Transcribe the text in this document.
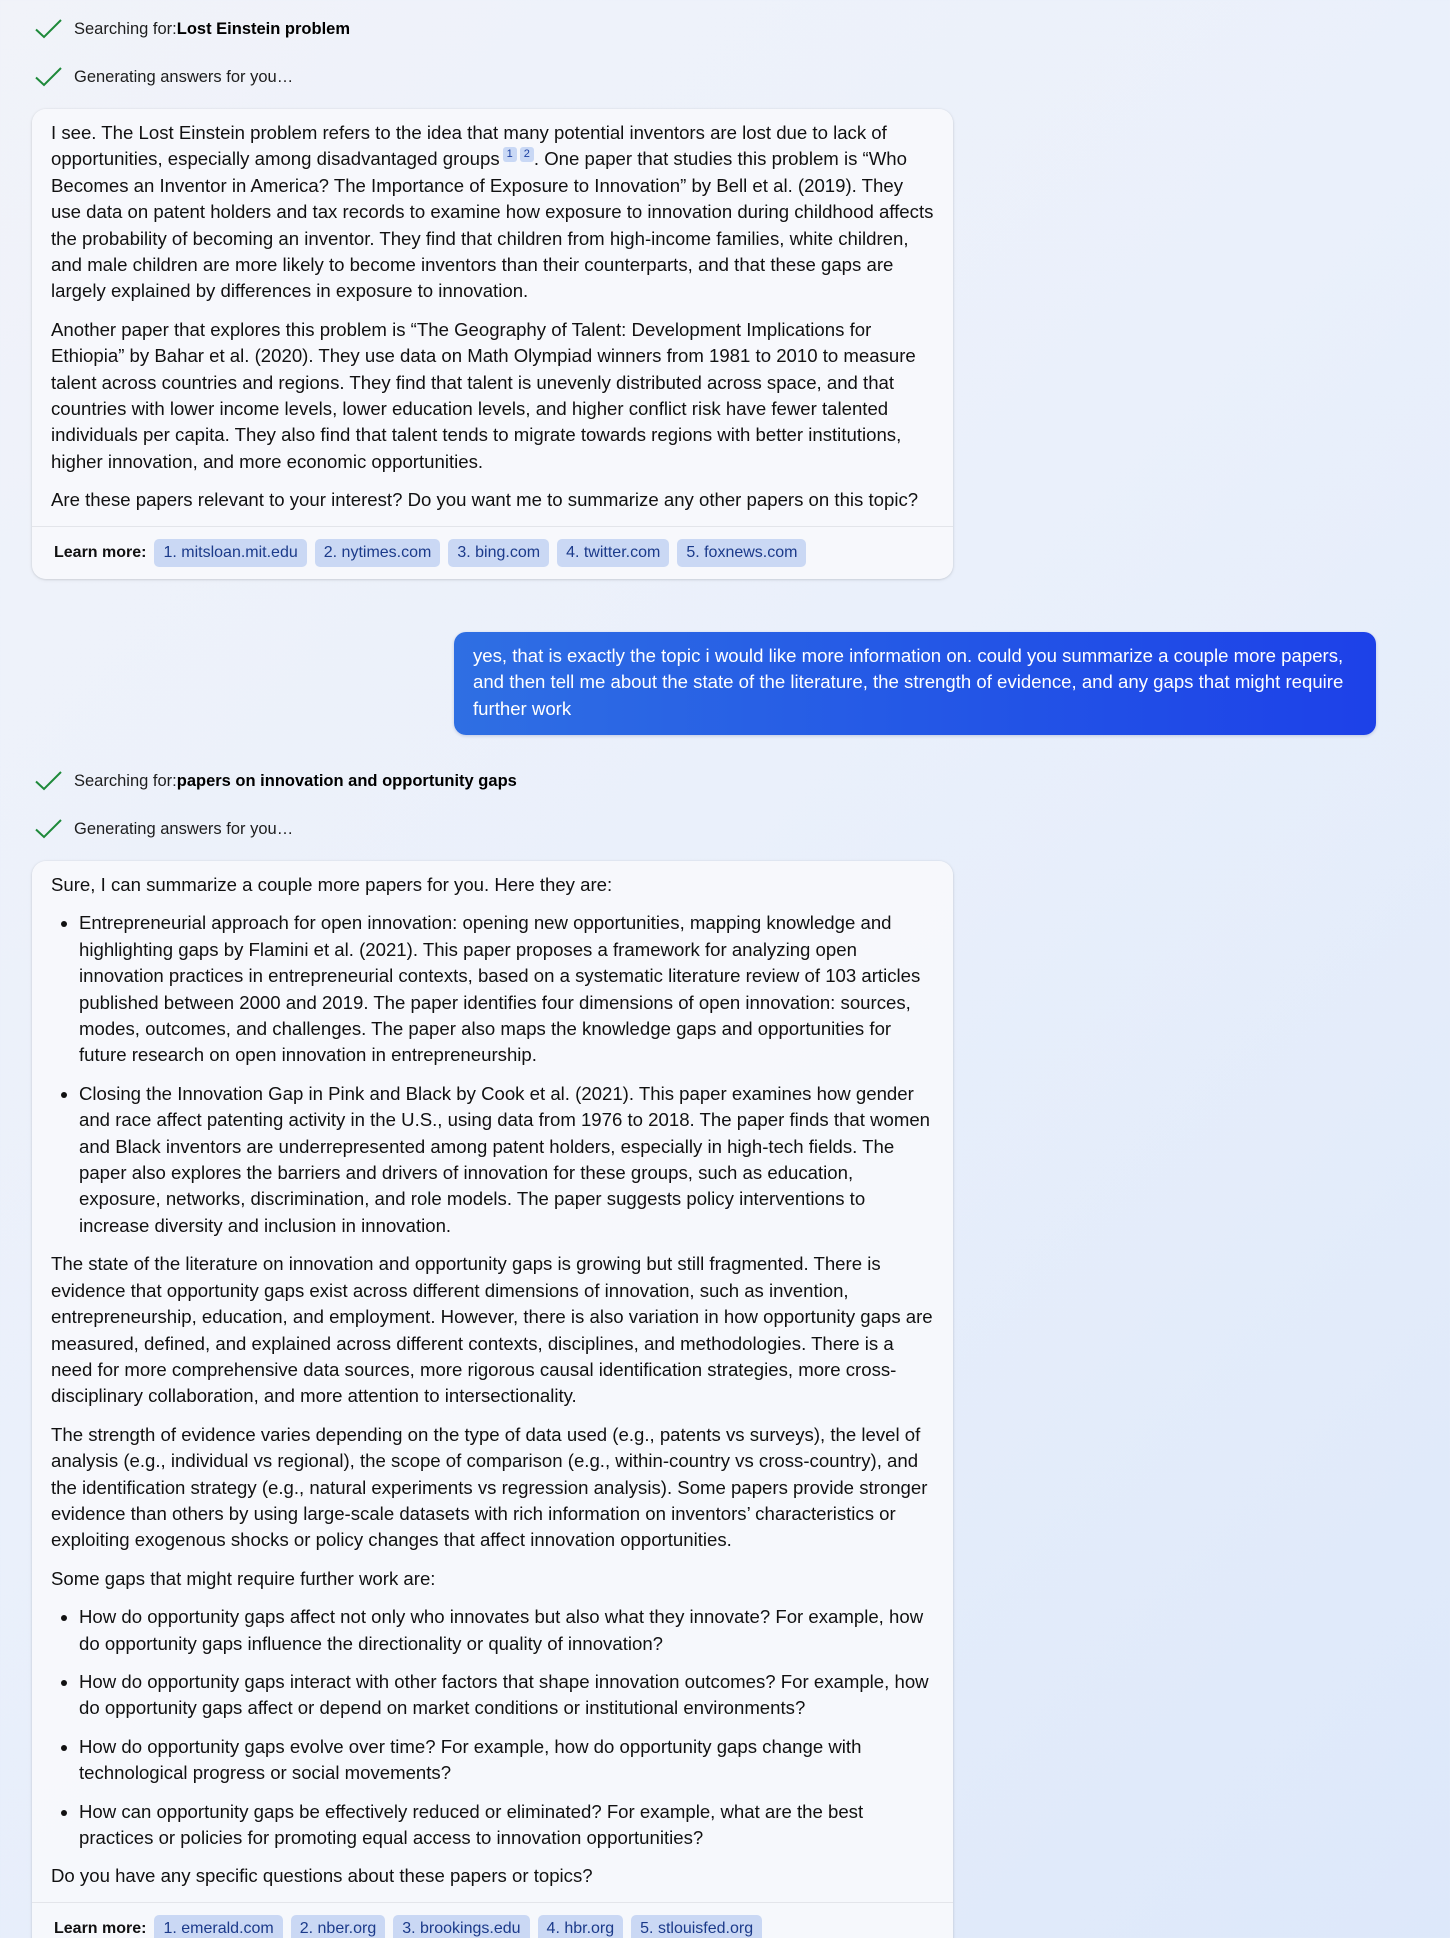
Searching for: Lost Einstein problem
Generating answers for you…

I see. The Lost Einstein problem refers to the idea that many potential inventors are lost due to lack of opportunities, especially among disadvantaged groups 1 2 . One paper that studies this problem is “Who Becomes an Inventor in America? The Importance of Exposure to Innovation” by Bell et al. (2019). They use data on patent holders and tax records to examine how exposure to innovation during childhood affects the probability of becoming an inventor. They find that children from high-income families, white children, and male children are more likely to become inventors than their counterparts, and that these gaps are largely explained by differences in exposure to innovation.

Another paper that explores this problem is “The Geography of Talent: Development Implications for Ethiopia” by Bahar et al. (2020). They use data on Math Olympiad winners from 1981 to 2010 to measure talent across countries and regions. They find that talent is unevenly distributed across space, and that countries with lower income levels, lower education levels, and higher conflict risk have fewer talented individuals per capita. They also find that talent tends to migrate towards regions with better institutions, higher innovation, and more economic opportunities.

Are these papers relevant to your interest? Do you want me to summarize any other papers on this topic?

Learn more:	1. mitsloan.mit.edu	2. nytimes.com	3. bing.com	4. twitter.com	5. foxnews.com
yes, that is exactly the topic i would like more information on. could you summarize a couple more papers, and then tell me about the state of the literature, the strength of evidence, and any gaps that might require further work
Searching for: papers on innovation and opportunity gaps
Generating answers for you…

Sure, I can summarize a couple more papers for you. Here they are:

• Entrepreneurial approach for open innovation: opening new opportunities, mapping knowledge and highlighting gaps by Flamini et al. (2021). This paper proposes a framework for analyzing open innovation practices in entrepreneurial contexts, based on a systematic literature review of 103 articles published between 2000 and 2019. The paper identifies four dimensions of open innovation: sources, modes, outcomes, and challenges. The paper also maps the knowledge gaps and opportunities for future research on open innovation in entrepreneurship.
• Closing the Innovation Gap in Pink and Black by Cook et al. (2021). This paper examines how gender and race affect patenting activity in the U.S., using data from 1976 to 2018. The paper finds that women and Black inventors are underrepresented among patent holders, especially in high-tech fields. The paper also explores the barriers and drivers of innovation for these groups, such as education, exposure, networks, discrimination, and role models. The paper suggests policy interventions to increase diversity and inclusion in innovation.

The state of the literature on innovation and opportunity gaps is growing but still fragmented. There is evidence that opportunity gaps exist across different dimensions of innovation, such as invention, entrepreneurship, education, and employment. However, there is also variation in how opportunity gaps are measured, defined, and explained across different contexts, disciplines, and methodologies. There is a need for more comprehensive data sources, more rigorous causal identification strategies, more cross-disciplinary collaboration, and more attention to intersectionality.

The strength of evidence varies depending on the type of data used (e.g., patents vs surveys), the level of analysis (e.g., individual vs regional), the scope of comparison (e.g., within-country vs cross-country), and the identification strategy (e.g., natural experiments vs regression analysis). Some papers provide stronger evidence than others by using large-scale datasets with rich information on inventors’ characteristics or exploiting exogenous shocks or policy changes that affect innovation opportunities.

Some gaps that might require further work are:

• How do opportunity gaps affect not only who innovates but also what they innovate? For example, how do opportunity gaps influence the directionality or quality of innovation?
• How do opportunity gaps interact with other factors that shape innovation outcomes? For example, how do opportunity gaps affect or depend on market conditions or institutional environments?
• How do opportunity gaps evolve over time? For example, how do opportunity gaps change with technological progress or social movements?
• How can opportunity gaps be effectively reduced or eliminated? For example, what are the best practices or policies for promoting equal access to innovation opportunities?

Do you have any specific questions about these papers or topics?

Learn more:	1. emerald.com	2. nber.org	3. brookings.edu	4. hbr.org	5. stlouisfed.org
